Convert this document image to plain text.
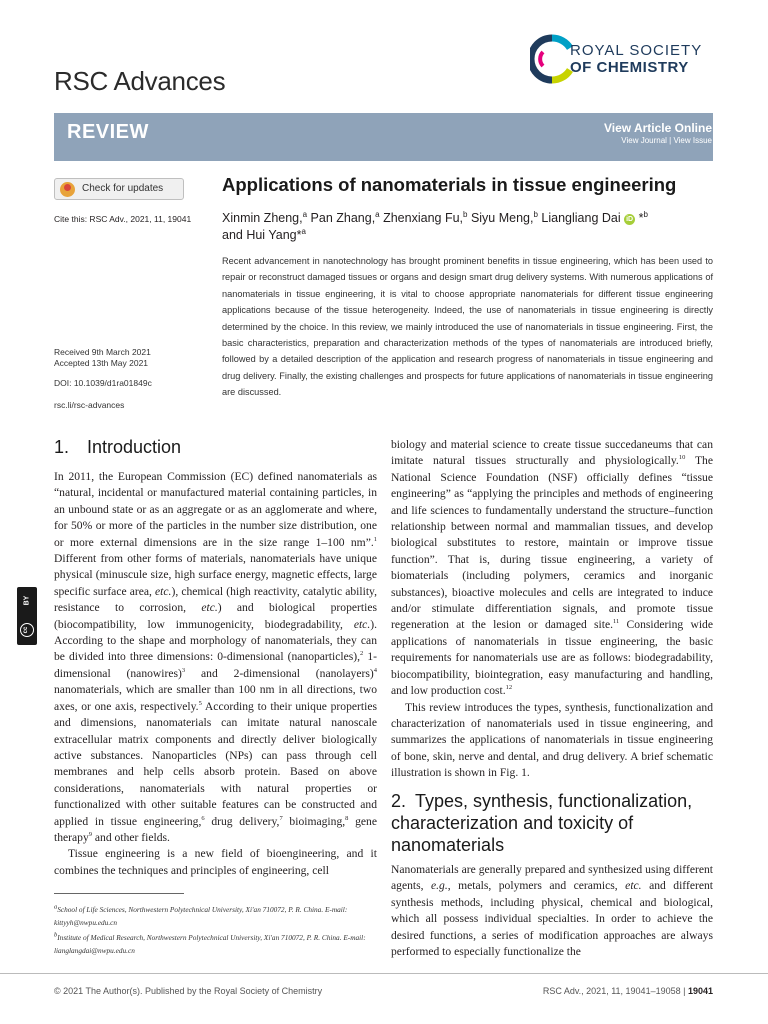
RSC Advances
ROYAL SOCIETY
OF CHEMISTRY
REVIEW	View Article Online
View Journal | View Issue
Check for updates
Cite this: RSC Adv., 2021, 11, 19041
Received 9th March 2021
Accepted 13th May 2021
DOI: 10.1039/d1ra01849c
rsc.li/rsc-advances
BY
cc
Applications of nanomaterials in tissue engineering
Xinmin Zheng,$^a$ Pan Zhang,$^a$ Zhenxiang Fu,$^b$ Siyu Meng,$^b$ Liangliang Dai iD *$^b$
and Hui Yang*$^a$
Recent advancement in nanotechnology has brought prominent benefits in tissue engineering, which has been used to repair or reconstruct damaged tissues or organs and design smart drug delivery systems. With numerous applications of nanomaterials in tissue engineering, it is vital to choose appropriate nanomaterials for different tissue engineering applications because of the tissue heterogeneity. Indeed, the use of nanomaterials in tissue engineering is directly determined by the choice. In this review, we mainly introduced the use of nanomaterials in tissue engineering. First, the basic characteristics, preparation and characterization methods of the types of nanomaterials are introduced briefly, followed by a detailed description of the application and research progress of nanomaterials in tissue engineering and drug delivery. Finally, the existing challenges and prospects for future applications of nanomaterials in tissue engineering are discussed.
1.  Introduction

In 2011, the European Commission (EC) defined nanomaterials as “natural, incidental or manufactured material containing particles, in an unbound state or as an aggregate or as an agglomerate and where, for 50% or more of the particles in the number size distribution, one or more external dimensions are in the size range 1–100 nm”.$^1$ Different from other forms of materials, nanomaterials have unique physical (minuscule size, high surface energy, magnetic effects, large specific surface area, etc.), chemical (high reactivity, catalytic ability, resistance to corrosion, etc.) and biological properties (biocompatibility, low immunogenicity, biodegradability, etc.). According to the shape and morphology of nanomaterials, they can be divided into three dimensions: 0-dimensional (nanoparticles),$^2$ 1-dimensional (nanowires)$^3$ and 2-dimensional (nanolayers)$^4$ nanomaterials, which are smaller than 100 nm in all directions, two axes, or one axis, respectively.$^5$ According to their unique properties and dimensions, nanomaterials can imitate natural nanoscale extracellular matrix components and directly deliver biologically active substances. Nanoparticles (NPs) can pass through cell membranes and help cells absorb protein. Based on above considerations, nanomaterials with natural properties or functionalized with other suitable features can be constructed and applied in tissue engineering,$^6$ drug delivery,$^7$ bioimaging,$^8$ gene therapy$^9$ and other fields.

Tissue engineering is a new field of bioengineering, and it combines the techniques and principles of engineering, cell

biology and material science to create tissue succedaneums that can imitate natural tissues structurally and physiologically.$^{10}$ The National Science Foundation (NSF) officially defines “tissue engineering” as “applying the principles and methods of engineering and life sciences to fundamentally understand the structure–function relationship between normal and mammalian tissues, and develop biological substitutes to restore, maintain or improve tissue function”. That is, during tissue engineering, a variety of biomaterials (including polymers, ceramics and inorganic substances), bioactive molecules and cells are integrated to induce and/or stimulate differentiation signals, and promote tissue regeneration at the lesion or damaged site.$^{11}$ Considering wide applications of nanomaterials in tissue engineering, the basic requirements for nanomaterials use are as follows: biodegradability, biocompatibility, biointegration, easy manufacturing and handling, and low production cost.$^{12}$

This review introduces the types, synthesis, functionalization and characterization of nanomaterials used in tissue engineering, and summarizes the applications of nanomaterials in tissue engineering of bone, skin, nerve and dental, and drug delivery. A brief schematic illustration is shown in Fig. 1.

2. Types, synthesis, functionalization, characterization and toxicity of nanomaterials

Nanomaterials are generally prepared and synthesized using different agents, e.g., metals, polymers and ceramics, etc. and different synthesis methods, including physical, chemical and biological, which all possess individual specialties. In order to achieve the desired functions, a series of modification approaches are always performed to especially functionalize the

$^a$School of Life Sciences, Northwestern Polytechnical University, Xi'an 710072, P. R. China. E-mail: kittyyh@nwpu.edu.cn

$^b$Institute of Medical Research, Northwestern Polytechnical University, Xi'an 710072, P. R. China. E-mail: lianglangdai@nwpu.edu.cn

© 2021 The Author(s). Published by the Royal Society of Chemistry	RSC Adv., 2021, 11, 19041–19058 | 19041
